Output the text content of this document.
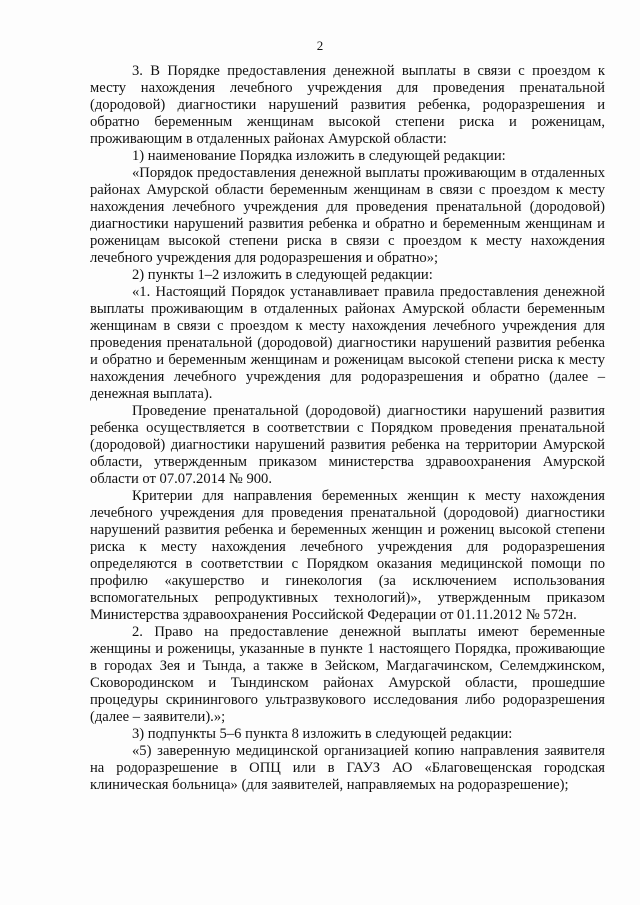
2

3. В Порядке предоставления денежной выплаты в связи с проездом к месту нахождения лечебного учреждения для проведения пренатальной (дородовой) диагностики нарушений развития ребенка, родоразрешения и обратно беременным женщинам высокой степени риска и роженицам, проживающим в отдаленных районах Амурской области:

1) наименование Порядка изложить в следующей редакции:

«Порядок предоставления денежной выплаты проживающим в отдаленных районах Амурской области беременным женщинам в связи с проездом к месту нахождения лечебного учреждения для проведения пренатальной (дородовой) диагностики нарушений развития ребенка и обратно и беременным женщинам и роженицам высокой степени риска в связи с проездом к месту нахождения лечебного учреждения для родоразрешения и обратно»;

2) пункты 1–2 изложить в следующей редакции:

«1. Настоящий Порядок устанавливает правила предоставления денежной выплаты проживающим в отдаленных районах Амурской области беременным женщинам в связи с проездом к месту нахождения лечебного учреждения для проведения пренатальной (дородовой) диагностики нарушений развития ребенка и обратно и беременным женщинам и роженицам высокой степени риска к месту нахождения лечебного учреждения для родоразрешения и обратно (далее – денежная выплата).

Проведение пренатальной (дородовой) диагностики нарушений развития ребенка осуществляется в соответствии с Порядком проведения пренатальной (дородовой) диагностики нарушений развития ребенка на территории Амурской области, утвержденным приказом министерства здравоохранения Амурской области от 07.07.2014 № 900.

Критерии для направления беременных женщин к месту нахождения лечебного учреждения для проведения пренатальной (дородовой) диагностики нарушений развития ребенка и беременных женщин и рожениц высокой степени риска к месту нахождения лечебного учреждения для родоразрешения определяются в соответствии с Порядком оказания медицинской помощи по профилю «акушерство и гинекология (за исключением использования вспомогательных репродуктивных технологий)», утвержденным приказом Министерства здравоохранения Российской Федерации от 01.11.2012 № 572н.

2. Право на предоставление денежной выплаты имеют беременные женщины и роженицы, указанные в пункте 1 настоящего Порядка, проживающие в городах Зея и Тында, а также в Зейском, Магдагачинском, Селемджинском, Сковородинском и Тындинском районах Амурской области, прошедшие процедуры скринингового ультразвукового исследования либо родоразрешения (далее – заявители).»;

3) подпункты 5–6 пункта 8 изложить в следующей редакции:

«5) заверенную медицинской организацией копию направления заявителя на родоразрешение в ОПЦ или в ГАУЗ АО «Благовещенская городская клиническая больница» (для заявителей, направляемых на родоразрешение);
